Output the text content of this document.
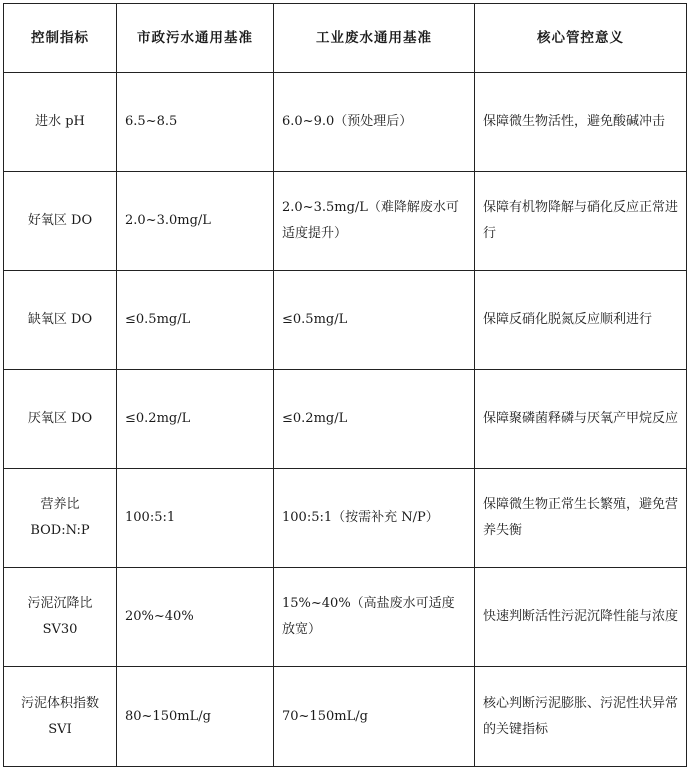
控制指标	市政污水通用基准	工业废水通用基准	核心管控意义
进水 pH	6.5~8.5	6.0~9.0（预处理后）	保障微生物活性，避免酸碱冲击
好氧区 DO	2.0~3.0mg/L	2.0~3.5mg/L（难降解废水可适度提升）	保障有机物降解与硝化反应正常进行
缺氧区 DO	≤0.5mg/L	≤0.5mg/L	保障反硝化脱氮反应顺利进行
厌氧区 DO	≤0.2mg/L	≤0.2mg/L	保障聚磷菌释磷与厌氧产甲烷反应
营养比 BOD:N:P	100:5:1	100:5:1（按需补充 N/P）	保障微生物正常生长繁殖，避免营养失衡
污泥沉降比 SV30	20%~40%	15%~40%（高盐废水可适度放宽）	快速判断活性污泥沉降性能与浓度
污泥体积指数 SVI	80~150mL/g	70~150mL/g	核心判断污泥膨胀、污泥性状异常的关键指标
